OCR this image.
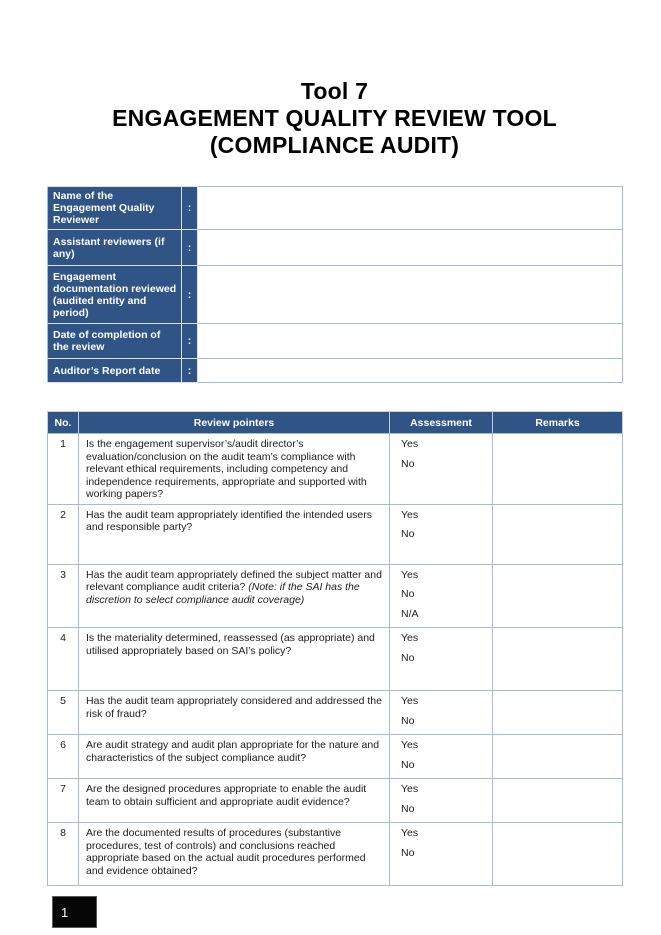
Tool 7
ENGAGEMENT QUALITY REVIEW TOOL
(COMPLIANCE AUDIT)
Name of the Engagement Quality Reviewer	:	
Assistant reviewers (if any)	:	
Engagement documentation reviewed (audited entity and period)	:	
Date of completion of the review	:	
Auditor’s Report date	:	
No.	Review pointers	Assessment	Remarks
1	Is the engagement supervisor’s/audit director’s evaluation/conclusion on the audit team’s compliance with relevant ethical requirements, including competency and independence requirements, appropriate and supported with working papers?	Yes
No	

2	Has the audit team appropriately identified the intended users and responsible party?	Yes
No	

3	Has the audit team appropriately defined the subject matter and relevant compliance audit criteria? (Note: if the SAI has the discretion to select compliance audit coverage)	Yes
No
N/A	

4	Is the materiality determined, reassessed (as appropriate) and utilised appropriately based on SAI’s policy?	Yes
No	

5	Has the audit team appropriately considered and addressed the risk of fraud?	Yes
No	

6	Are audit strategy and audit plan appropriate for the nature and characteristics of the subject compliance audit?	Yes
No	

7	Are the designed procedures appropriate to enable the audit team to obtain sufficient and appropriate audit evidence?	Yes
No	

8	Are the documented results of procedures (substantive procedures, test of controls) and conclusions reached appropriate based on the actual audit procedures performed and evidence obtained?	Yes
No	

1
